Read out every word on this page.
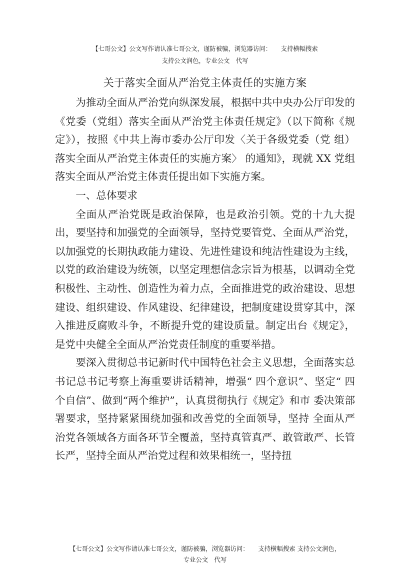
【七哥公文】公文写作请认准七哥公文，谨防被骗，浏览器访问：　　支持横幅搜索
支持公文润色，专业公文　代写
关于落实全面从严治党主体责任的实施方案

为推动全面从严治党向纵深发展，根据中共中央办公厅印发的《党委（党组）落实全面从严治党主体责任规定》（以下简称《规定》），按照《中共上海市委办公厅印发〈关于各级党委（党 组）落实全面从严治党主体责任的实施方案〉 的通知》，现就 XX 党组落实全面从严治党主体责任提出如下实施方案。

一、总体要求

全面从严治党既是政治保障，也是政治引领。党的十九大提出，要坚持和加强党的全面领导，坚持党要管党、全面从严治党，以加强党的长期执政能力建设、先进性建设和纯洁性建设为主线，以党的政治建设为统领，以坚定理想信念宗旨为根基，以调动全党积极性、主动性、创造性为着力点，全面推进党的政治建设、思想建设、组织建设、作风建设、纪律建设，把制度建设贯穿其中，深入推进反腐败斗争，不断提升党的建设质量。制定出台《规定》，是党中央健全全面从严治党责任制度的重要举措。

要深入贯彻总书记新时代中国特色社会主义思想，全面落实总书记总书记考察上海重要讲话精神，增强“ 四个意识”、坚定“ 四个自信”、做到“两个维护”，认真贯彻执行《规定》和市 委决策部署要求，坚持紧紧围绕加强和改善党的全面领导，坚持 全面从严治党各领域各方面各环节全覆盖，坚持真管真严、敢管敢严、长管长严，坚持全面从严治党过程和效果相统一，坚持扭

【七哥公文】公文写作请认准七哥公文，谨防被骗，浏览器访问：　　支持横幅搜索 支持公文润色，
专业公文　代写
